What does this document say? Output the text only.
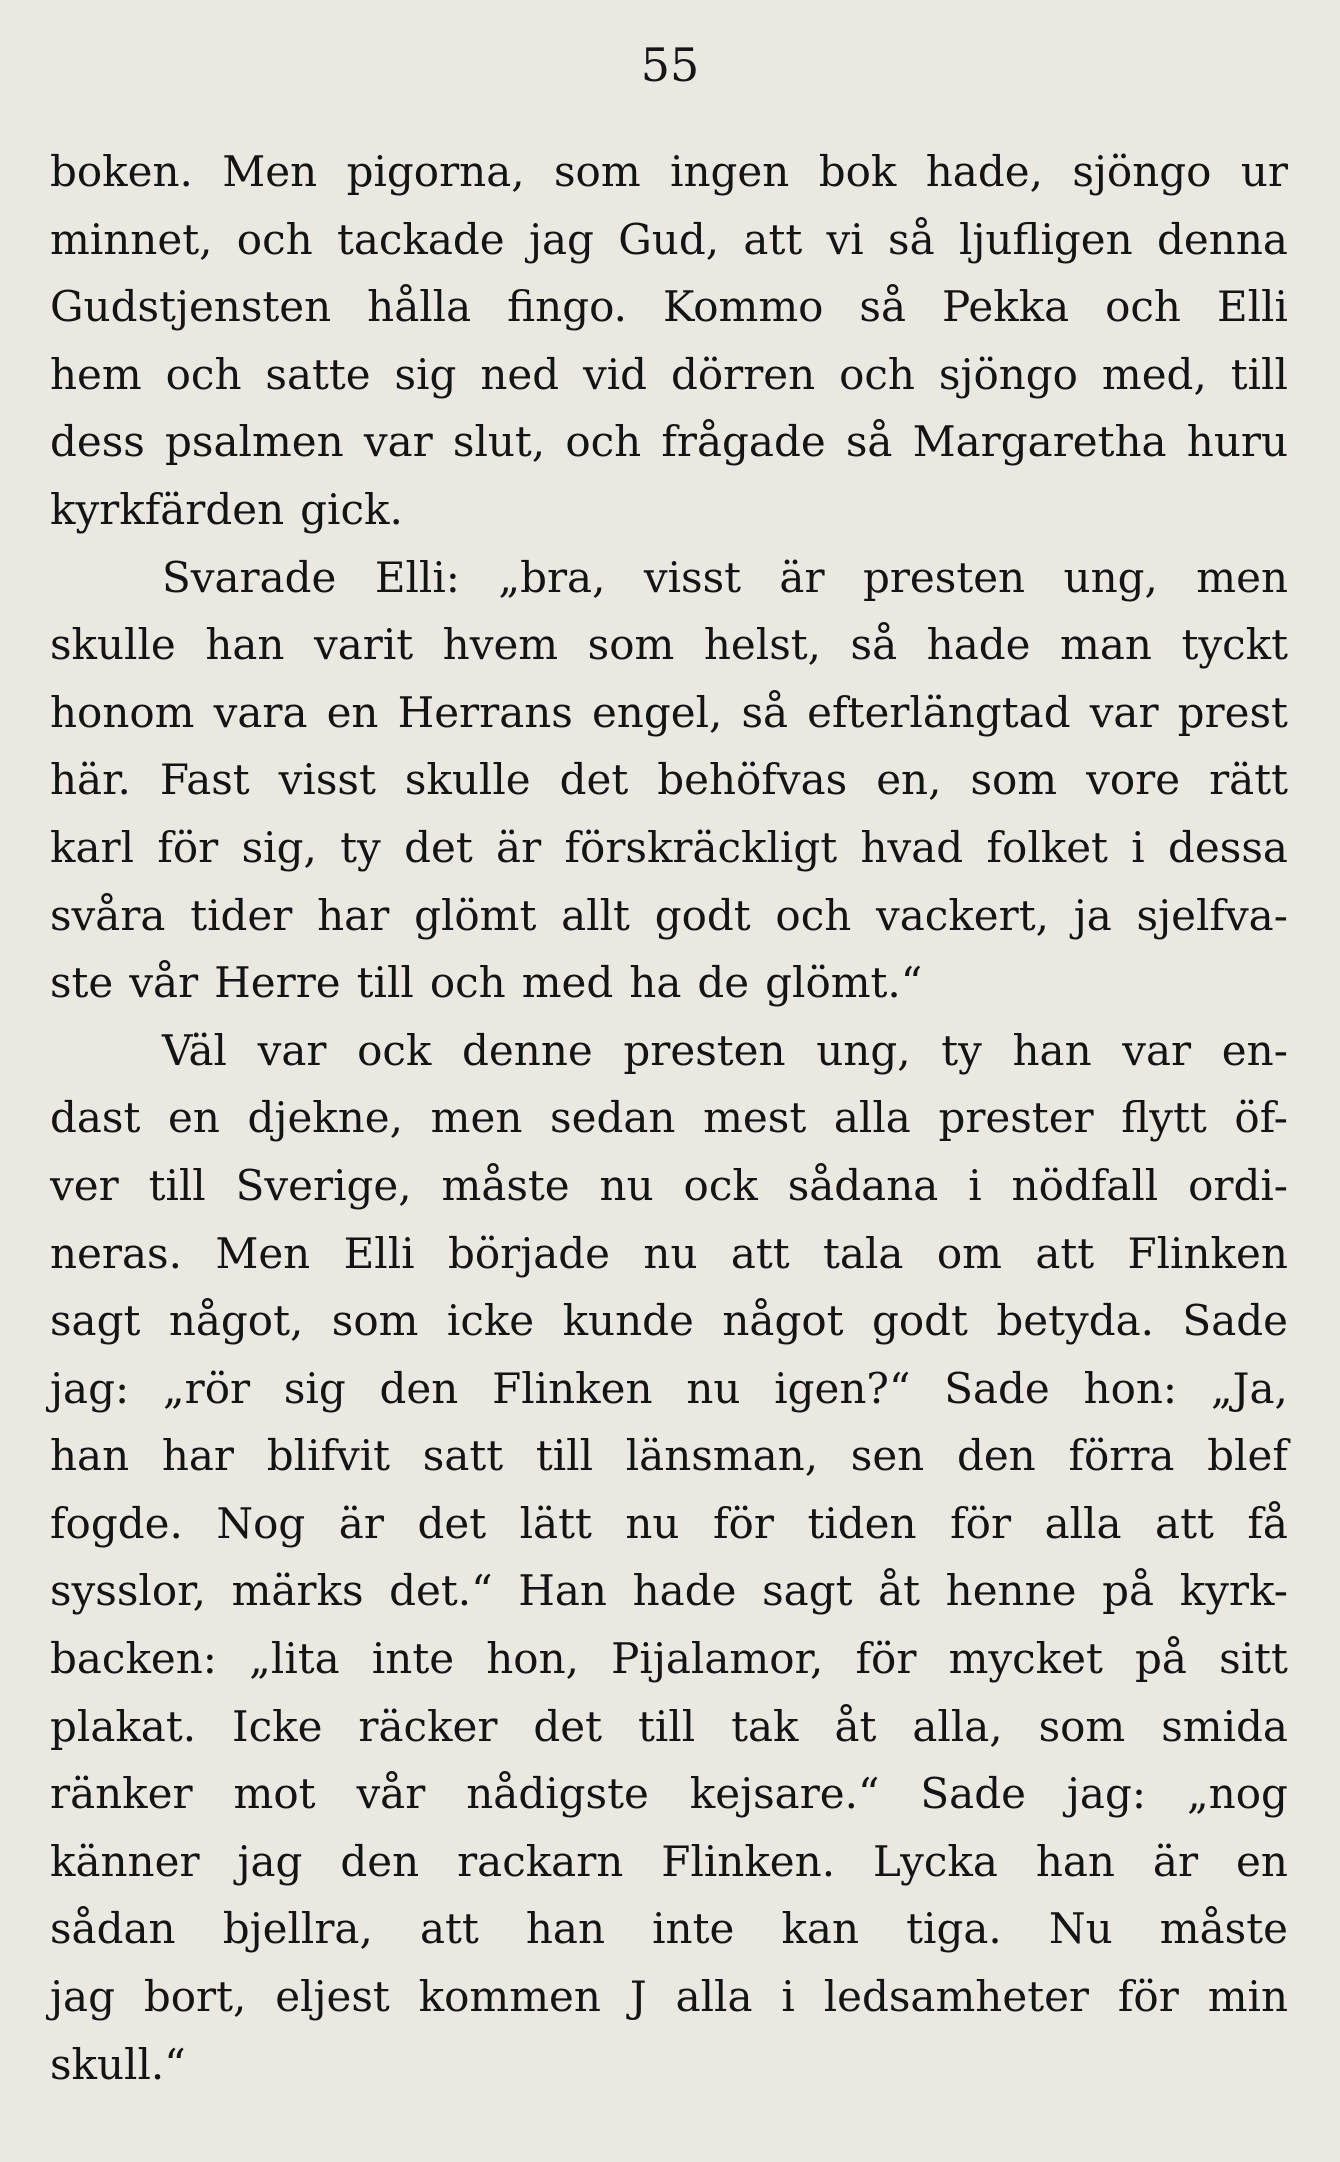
55
boken. Men pigorna, som ingen bok hade, sjöngo ur
minnet, och tackade jag Gud, att vi så ljufligen denna
Gudstjensten hålla fingo. Kommo så Pekka och Elli
hem och satte sig ned vid dörren och sjöngo med, till
dess psalmen var slut, och frågade så Margaretha huru
kyrkfärden gick.
Svarade Elli: „bra, visst är presten ung, men
skulle han varit hvem som helst, så hade man tyckt
honom vara en Herrans engel, så efterlängtad var prest
här. Fast visst skulle det behöfvas en, som vore rätt
karl för sig, ty det är förskräckligt hvad folket i dessa
svåra tider har glömt allt godt och vackert, ja sjelfva-
ste vår Herre till och med ha de glömt.“
Väl var ock denne presten ung, ty han var en-
dast en djekne, men sedan mest alla prester flytt öf-
ver till Sverige, måste nu ock sådana i nödfall ordi-
neras. Men Elli började nu att tala om att Flinken
sagt något, som icke kunde något godt betyda. Sade
jag: „rör sig den Flinken nu igen?“ Sade hon: „Ja,
han har blifvit satt till länsman, sen den förra blef
fogde. Nog är det lätt nu för tiden för alla att få
sysslor, märks det.“ Han hade sagt åt henne på kyrk-
backen: „lita inte hon, Pijalamor, för mycket på sitt
plakat. Icke räcker det till tak åt alla, som smida
ränker mot vår nådigste kejsare.“ Sade jag: „nog
känner jag den rackarn Flinken. Lycka han är en
sådan bjellra, att han inte kan tiga. Nu måste
jag bort, eljest kommen J alla i ledsamheter för min
skull.“
